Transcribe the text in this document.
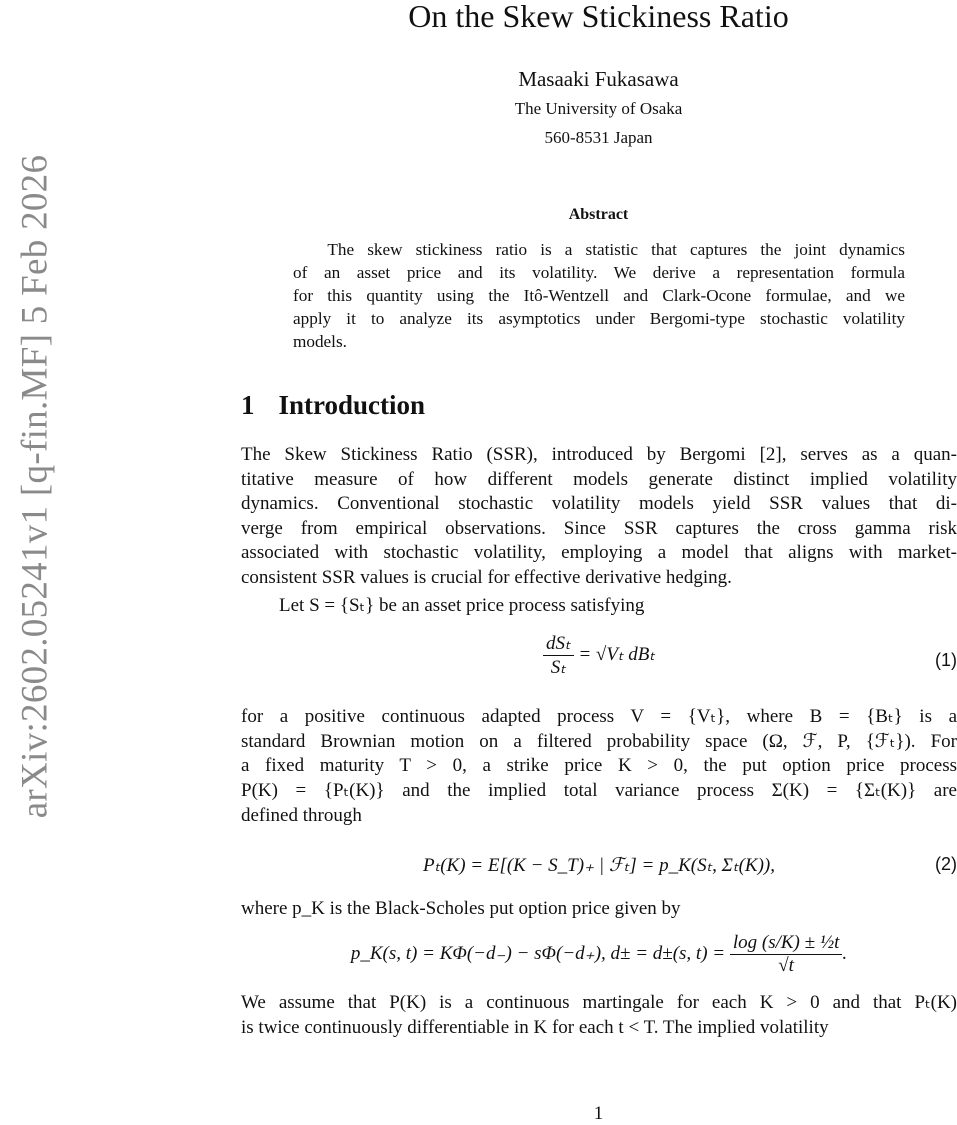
arXiv:2602.05241v1 [q-fin.MF] 5 Feb 2026
On the Skew Stickiness Ratio
Masaaki Fukasawa
The University of Osaka
560-8531 Japan
Abstract
  The skew stickiness ratio is a statistic that captures the joint dynamics
of an asset price and its volatility. We derive a representation formula
for this quantity using the Itô-Wentzell and Clark-Ocone formulae, and we
apply it to analyze its asymptotics under Bergomi-type stochastic volatility
models.
1 Introduction
The Skew Stickiness Ratio (SSR), introduced by Bergomi [2], serves as a quan-
titative measure of how different models generate distinct implied volatility
dynamics. Conventional stochastic volatility models yield SSR values that di-
verge from empirical observations. Since SSR captures the cross gamma risk
associated with stochastic volatility, employing a model that aligns with market-
consistent SSR values is crucial for effective derivative hedging.
  Let S = {Sₜ} be an asset price process satisfying
$\frac{\text{dSₜ}}{\text{Sₜ}} = √V_t$ dBₜ	(1)
for a positive continuous adapted process V = {Vₜ}, where B = {Bₜ} is a
standard Brownian motion on a filtered probability space (Ω, ℱ, P, {ℱₜ}). For
a fixed maturity T > 0, a strike price K > 0, the put option price process
P(K) = {Pₜ(K)} and the implied total variance process Σ(K) = {Σₜ(K)} are
defined through
Pₜ(K) = E[(K − S_T)₊ | ℱₜ] = p_K(Sₜ, Σₜ(K)),	(2)
where p_K is the Black-Scholes put option price given by
p_K(s, t) = KΦ(−d₋) − sΦ(−d₊), d± = d±(s, $t) = \frac{\text{log (s/K) ± ½t}}{√t}$ .
We assume that P(K) is a continuous martingale for each K > 0 and that Pₜ(K)
is twice continuously differentiable in K for each t < T. The implied volatility
1
